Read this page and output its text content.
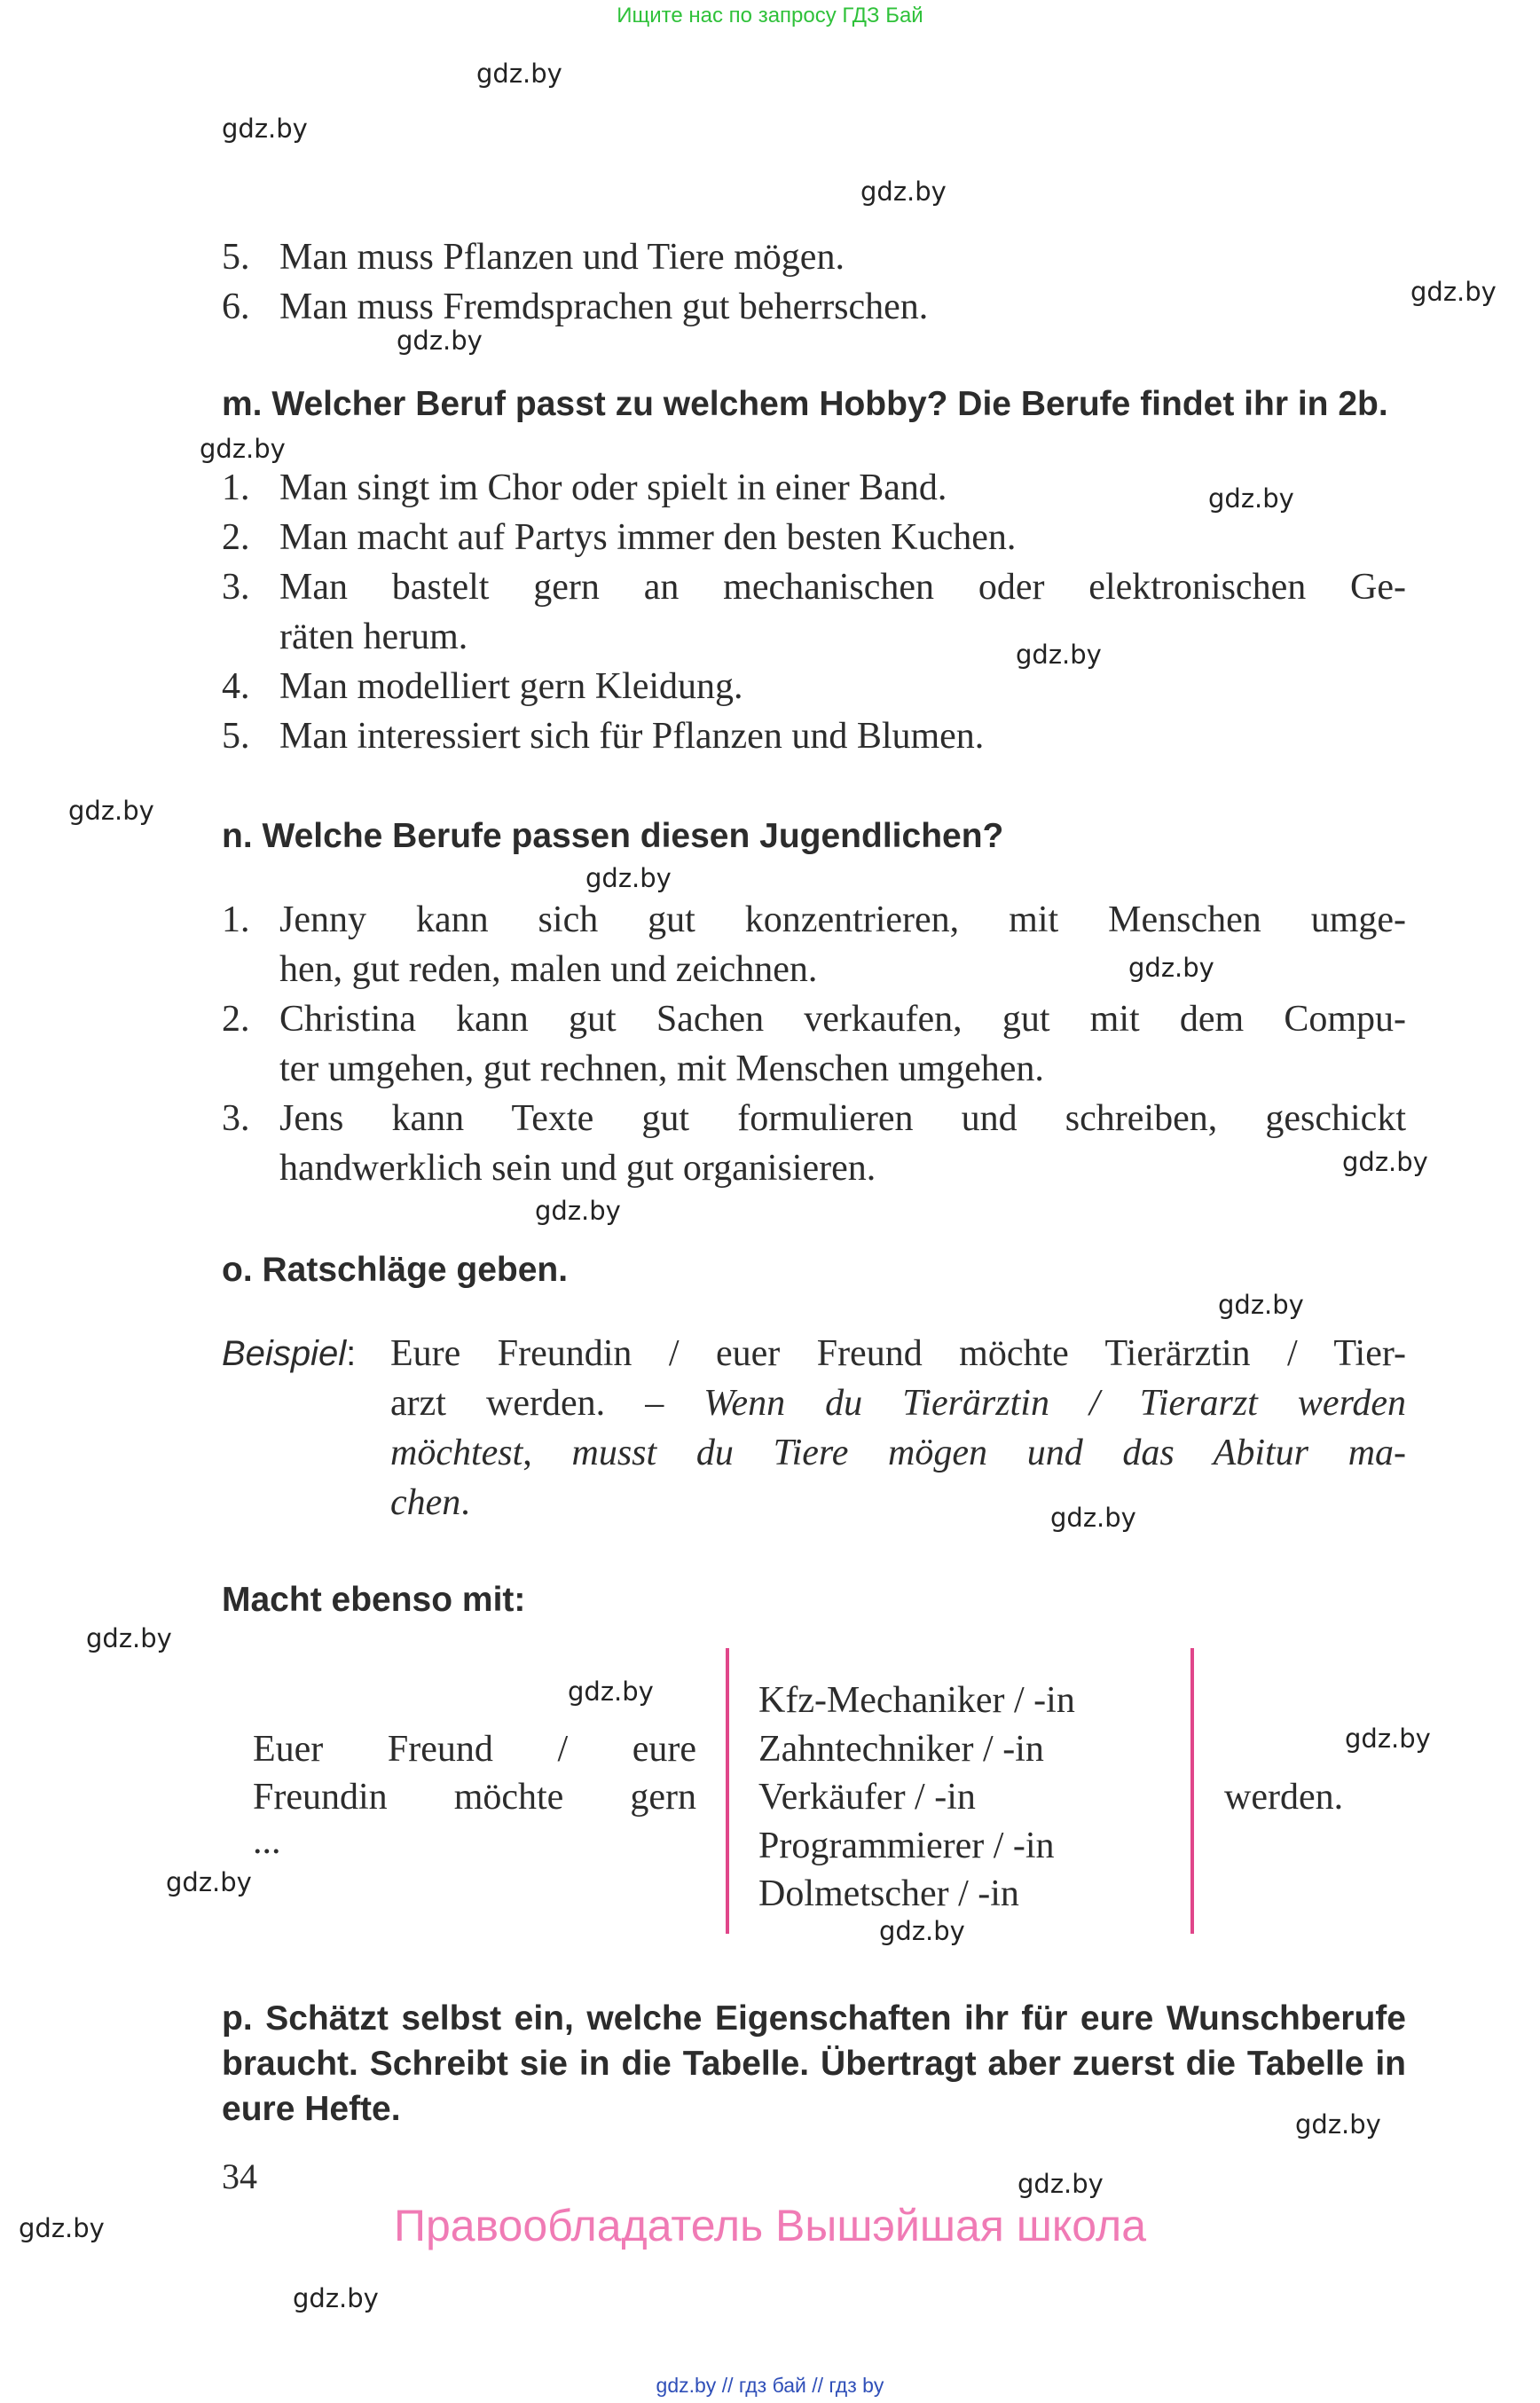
Ищите нас по запросу ГДЗ Бай
gdz.by
gdz.by
gdz.by
gdz.by
gdz.by
gdz.by
gdz.by
gdz.by
gdz.by
gdz.by
gdz.by
gdz.by
gdz.by
gdz.by
gdz.by
gdz.by
gdz.by
gdz.by
gdz.by
gdz.by
gdz.by
gdz.by
gdz.by
gdz.by
5. Man muss Pflanzen und Tiere mögen.
6. Man muss Fremdsprachen gut beherrschen.
m. Welcher Beruf passt zu welchem Hobby? Die Berufe findet ihr in 2b.
1. Man singt im Chor oder spielt in einer Band.
2. Man macht auf Partys immer den besten Kuchen.
3. Man bastelt gern an mechanischen oder elektronischen Ge-
räten herum.
4. Man modelliert gern Kleidung.
5. Man interessiert sich für Pflanzen und Blumen.
n. Welche Berufe passen diesen Jugendlichen?
1. Jenny kann sich gut konzentrieren, mit Menschen umge-
hen, gut reden, malen und zeichnen.
2. Christina kann gut Sachen verkaufen, gut mit dem Compu-
ter umgehen, gut rechnen, mit Menschen umgehen.
3. Jens kann Texte gut formulieren und schreiben, geschickt
handwerklich sein und gut organisieren.
o. Ratschläge geben.
Beispiel: Eure Freundin / euer Freund möchte Tierärztin / Tier-
arzt werden. – Wenn du Tierärztin / Tierarzt werden
möchtest, musst du Tiere mögen und das Abitur ma-
chen.
Macht ebenso mit:
Euer Freund / eure
Freundin möchte gern
...
Kfz-Mechaniker / -in
Zahntechniker / -in
Verkäufer / -in
Programmierer / -in
Dolmetscher / -in
werden.
p. Schätzt selbst ein, welche Eigenschaften ihr für eure Wunschberufe braucht. Schreibt sie in die Tabelle. Übertragt aber zuerst die Tabelle in eure Hefte.
34
Правообладатель Вышэйшая школа
gdz.by // гдз бай // гдз by
